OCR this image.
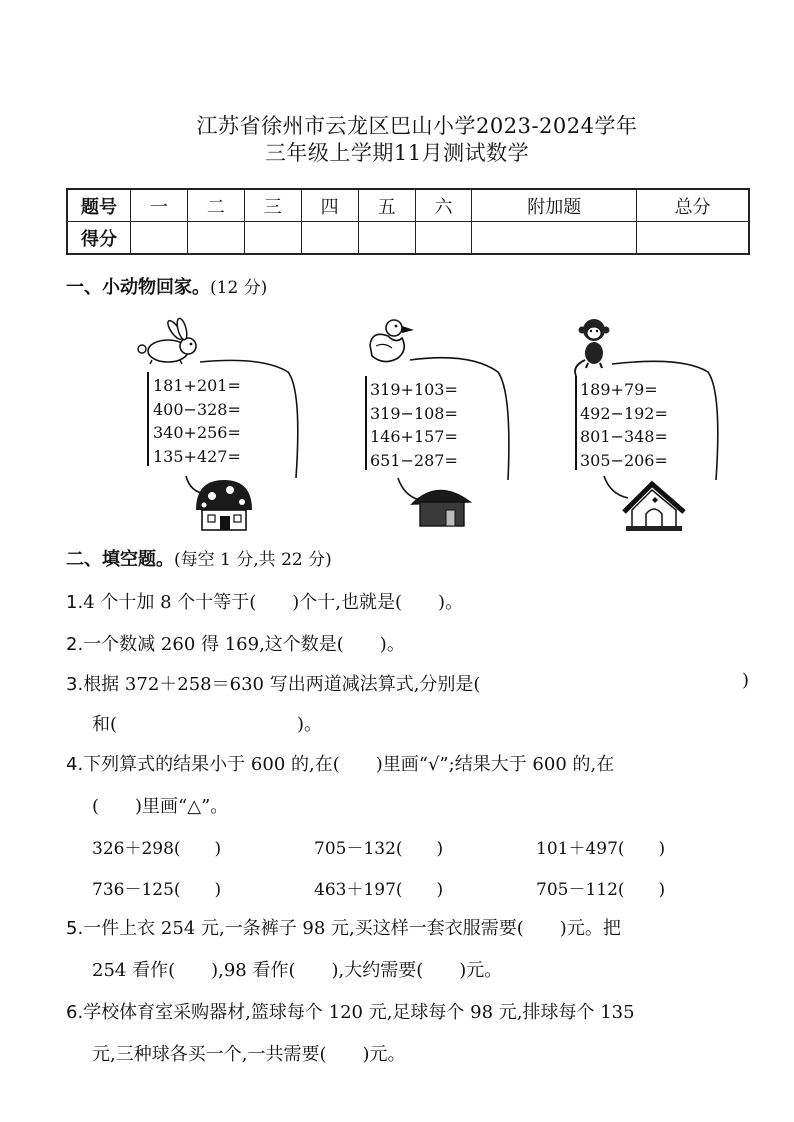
江苏省徐州市云龙区巴山小学2023-2024学年
三年级上学期11月测试数学
题号	一	二	三	四	五	六	附加题	总分
得分								
一、小动物回家。(12 分)
181+201=
400−328=
340+256=
135+427=
319+103=
319−108=
146+157=
651−287=
189+79=
492−192=
801−348=
305−206=
二、填空题。(每空 1 分,共 22 分)
1.4 个十加 8 个十等于(　　)个十,也就是(　　)。
2.一个数减 260 得 169,这个数是(　　)。
3.根据 372＋258＝630 写出两道减法算式,分别是(	)
和(　　　　　　　　　　)。
4.下列算式的结果小于 600 的,在(　　)里画“√”;结果大于 600 的,在
(　　)里画“△”。
326＋298(　　)	705－132(　　)	101＋497(　　)
736－125(　　)	463＋197(　　)	705－112(　　)
5.一件上衣 254 元,一条裤子 98 元,买这样一套衣服需要(　　)元。把
254 看作(　　),98 看作(　　),大约需要(　　)元。
6.学校体育室采购器材,篮球每个 120 元,足球每个 98 元,排球每个 135
元,三种球各买一个,一共需要(　　)元。
